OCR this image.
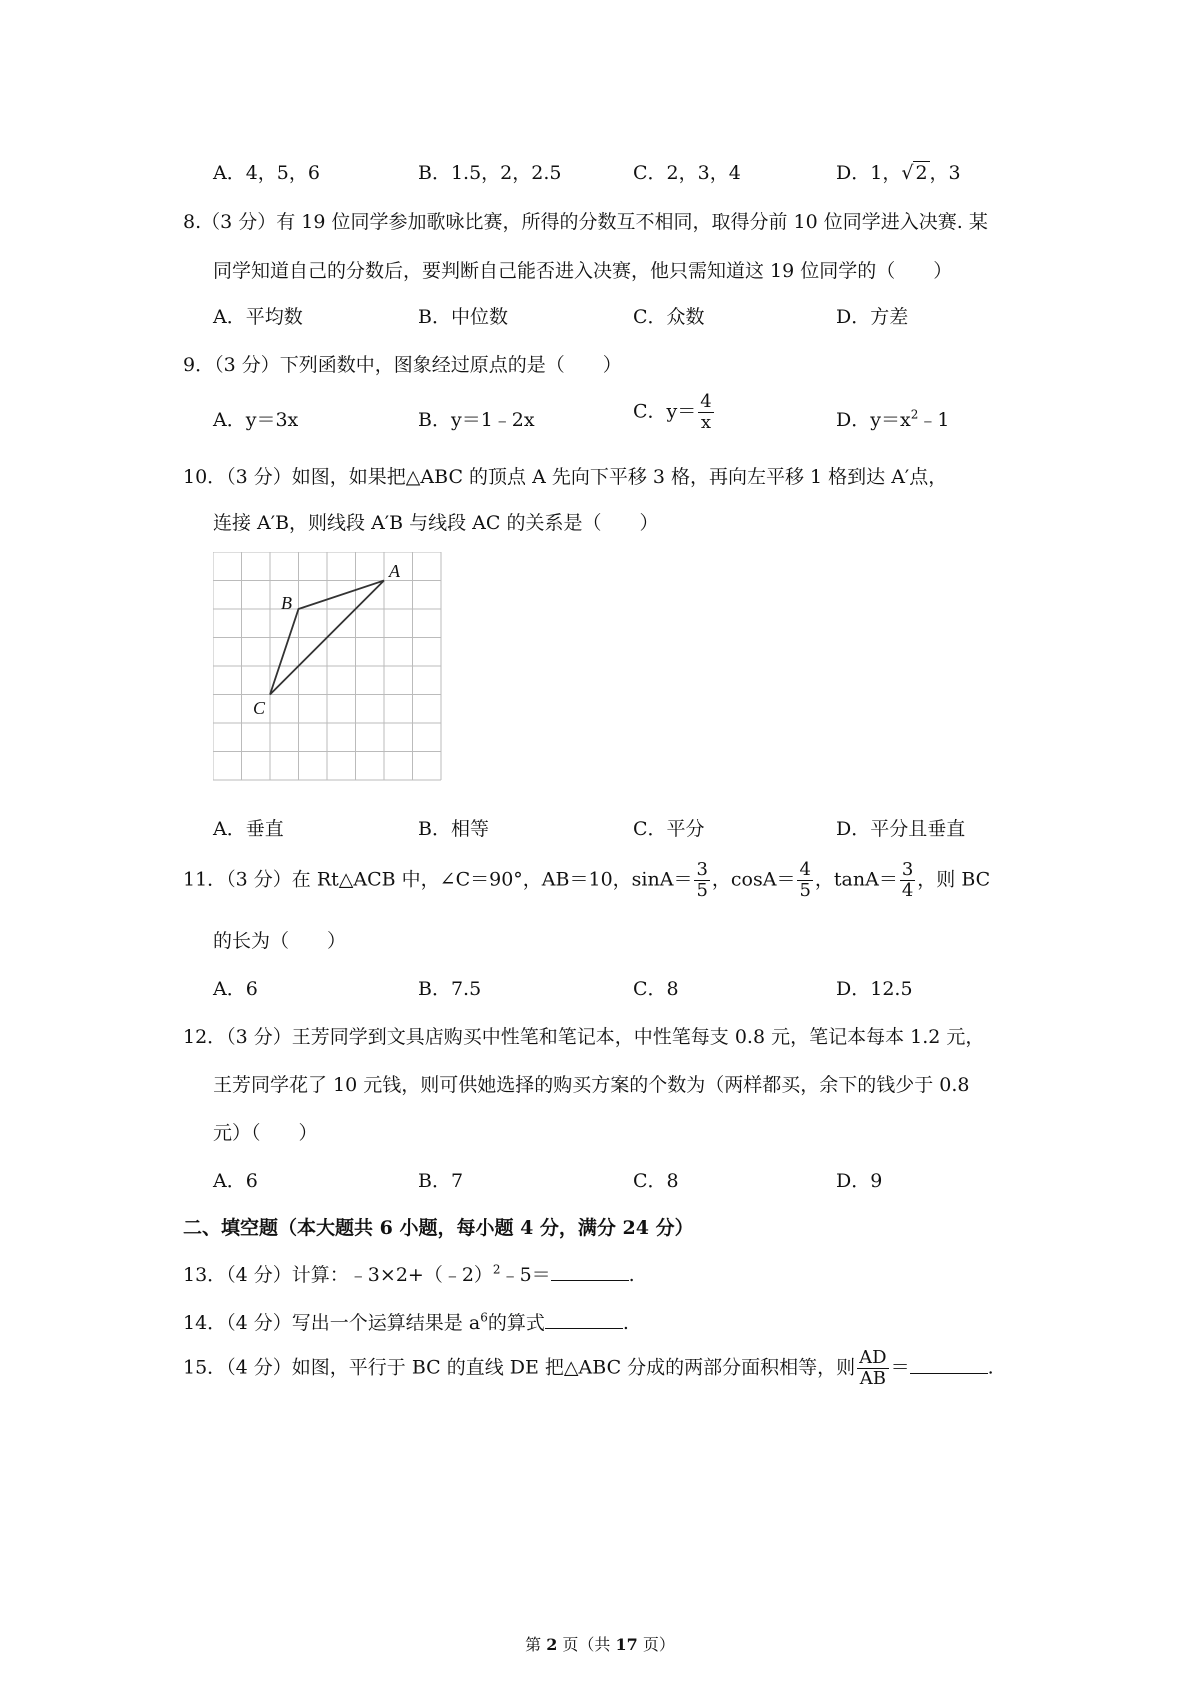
A．4，5，6	B．1.5，2，2.5	C．2，3，4	D．1，√ 2 ，3
8.（3 分）有 19 位同学参加歌咏比赛，所得的分数互不相同，取得分前 10 位同学进入决赛. 某
同学知道自己的分数后，要判断自己能否进入决赛，他只需知道这 19 位同学的（　　）
A．平均数	B．中位数	C．众数	D．方差
9．（3 分）下列函数中，图象经过原点的是（　　）
A．y＝3x	B．y＝1﹣2x	C．$y= \frac{4}{x}$	D．$y=x^2﹣1$
10．（3 分）如图，如果把△ABC 的顶点 A 先向下平移 3 格，再向左平移 1 格到达 A′点，
连接 A′B，则线段 A′B 与线段 AC 的关系是（　　）
A
B
C
A．垂直	B．相等	C．平分	D．平分且垂直
11．（3 分）在 Rt△ACB 中，∠C＝90°，AB＝10，$\sin A= \frac{3}{5}$ ，$\cos A= \frac{4}{5}$ ，$\tan A= \frac{3}{4}$ ，则 BC
的长为（　　）
A．6	B．7.5	C．8	D．12.5
12．（3 分）王芳同学到文具店购买中性笔和笔记本，中性笔每支 0.8 元，笔记本每本 1.2 元，
王芳同学花了 10 元钱，则可供她选择的购买方案的个数为（两样都买，余下的钱少于 0.8
元）（　　）
A．6	B．7	C．8	D．9
二、填空题（本大题共 6 小题，每小题 4 分，满分 24 分）
13．（4 分）计算：﹣3×2+（﹣2）$^2$﹣5＝	.
14．（4 分）写出一个运算结果是 $a^6$的算式	.
15．（4 分）如图，平行于 BC 的直线 DE 把△ABC 分成的两部分面积相等，则 $\frac{AD}{AB}$ ＝	.
第 2 页（共 17 页）
